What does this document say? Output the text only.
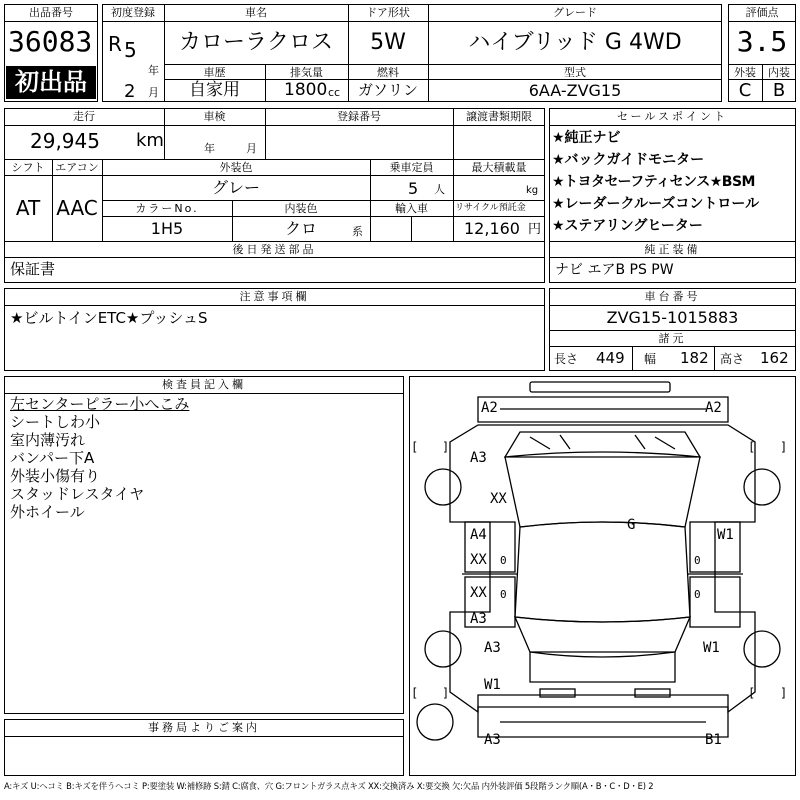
出品番号
36083
初出品
初度登録
R 5
年
2 月
車名
カローラクロス
ドア形状
5W
グレード
ハイブリッド G 4WD
車歴
自家用
排気量
1800 cc
燃料
ガソリン
型式
6AA-ZVG15
評価点
3.5
外装	内装
C	B
走行
29,945 km
車検
年	月
登録番号	譲渡書類期限
シフト エアコン
AT AAC
外装色
グレー
乗車定員
5 人
最大積載量
kg
カラーNo.
1H5
内装色
クロ	系
輸入車	リサイクル預託金
12,160 円
後日発送部品
保証書
セールスポイント
★純正ナビ
★バックガイドモニター
★トヨタセーフティセンス★BSM
★レーダークルーズコントロール
★ステアリングヒーター
純正装備
ナビ エアB PS PW
注意事項欄
★ビルトインETC★プッシュS
車台番号
ZVG15-1015883
諸元
長さ 449 幅 182 高さ 162
検査員記入欄
左センターピラー小へこみ
シートしわ小
室内薄汚れ
バンパー下A
外装小傷有り
スタッドレスタイヤ
外ホイール
事務局よりご案内
A2	A2
[ ]	[ ]
A3
XX
G
A4
XX 0
W1
0
XX 0	0
A3
A3	W1
[ ]	[ ]
W1
A3	B1
A:キズ U:ヘコミ B:キズを伴うヘコミ P:要塗装 W:補修跡 S:錆 C:腐食、穴 G:フロントガラス点キズ XX:交換済み X:要交換 欠:欠品 内外装評価 5段階ランク順(A・B・C・D・E) 2
